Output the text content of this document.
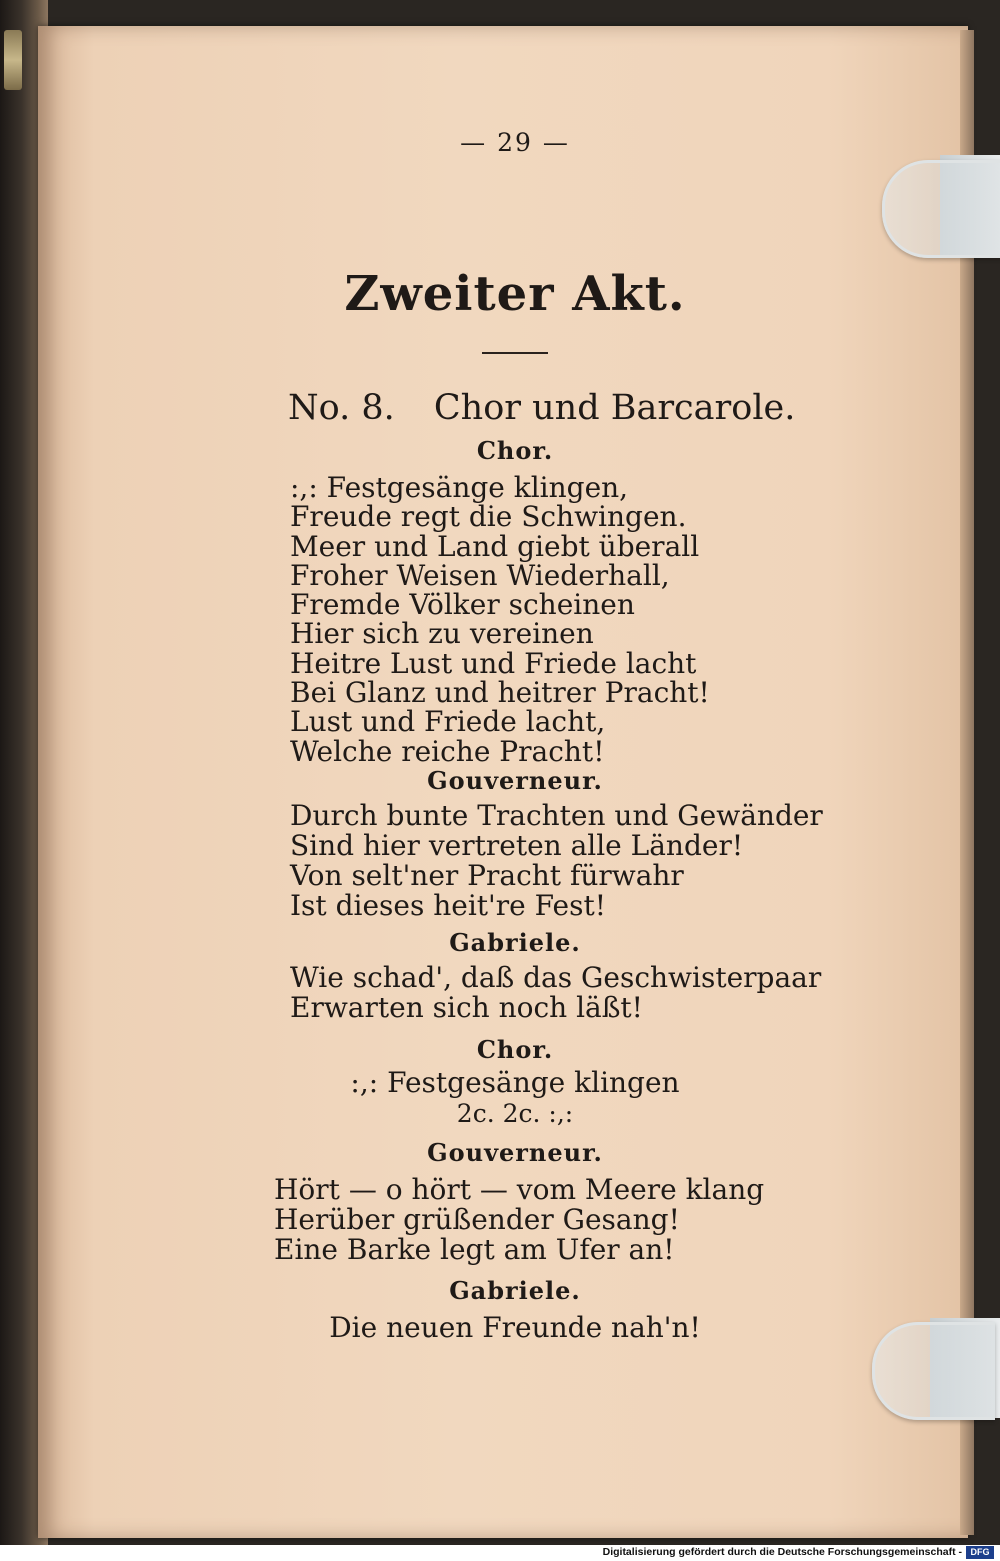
— 29 —
Zweiter Akt.
No. 8. Chor und Barcarole.
Chor.
:,: Festgesänge klingen,
Freude regt die Schwingen.
Meer und Land giebt überall
Froher Weisen Wiederhall,
Fremde Völker scheinen
Hier sich zu vereinen
Heitre Lust und Friede lacht
Bei Glanz und heitrer Pracht!
Lust und Friede lacht,
Welche reiche Pracht!
Gouverneur.
Durch bunte Trachten und Gewänder
Sind hier vertreten alle Länder!
Von selt'ner Pracht fürwahr
Ist dieses heit're Fest!
Gabriele.
Wie schad', daß das Geschwisterpaar
Erwarten sich noch läßt!
Chor.
:,: Festgesänge klingen
2c. 2c. :,:
Gouverneur.
Hört — o hört — vom Meere klang
Herüber grüßender Gesang!
Eine Barke legt am Ufer an!
Gabriele.
Die neuen Freunde nah'n!
Digitalisierung gefördert durch die Deutsche Forschungsgemeinschaft - DFG
